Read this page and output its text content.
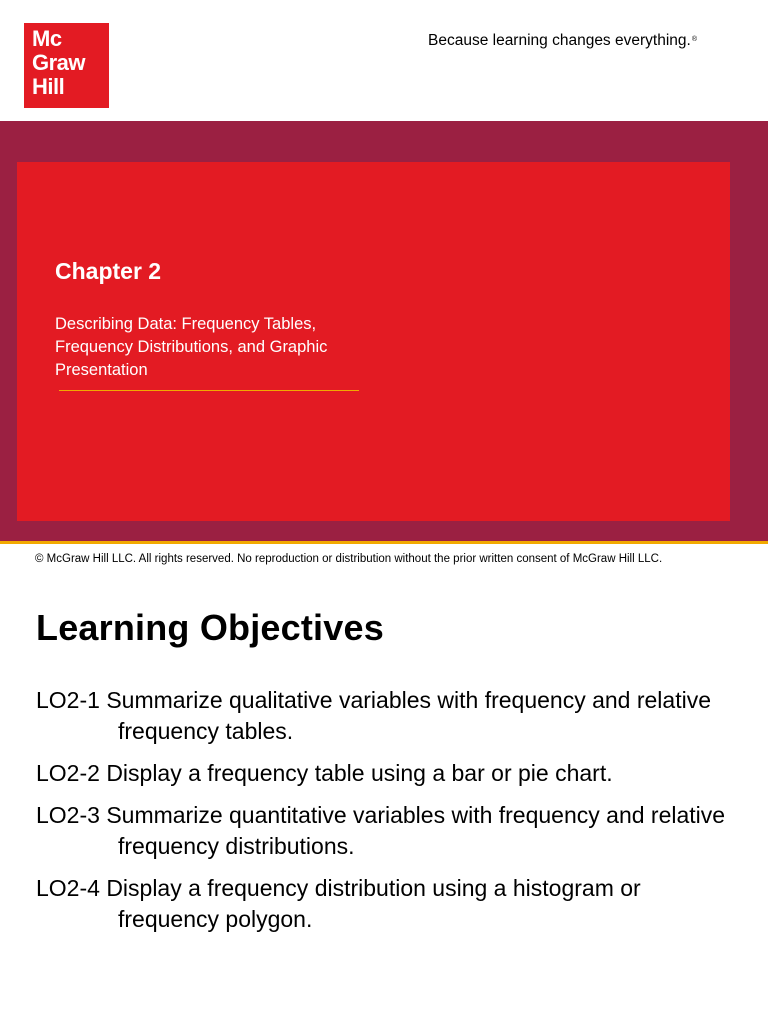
Mc
Graw
Hill
Because learning changes everything.®
Chapter 2
Describing Data: Frequency Tables,
Frequency Distributions, and Graphic
Presentation
© McGraw Hill LLC. All rights reserved. No reproduction or distribution without the prior written consent of McGraw Hill LLC.
Learning Objectives
LO2-1 Summarize qualitative variables with frequency and relative frequency tables.
LO2-2 Display a frequency table using a bar or pie chart.
LO2-3 Summarize quantitative variables with frequency and relative frequency distributions.
LO2-4 Display a frequency distribution using a histogram or frequency polygon.
